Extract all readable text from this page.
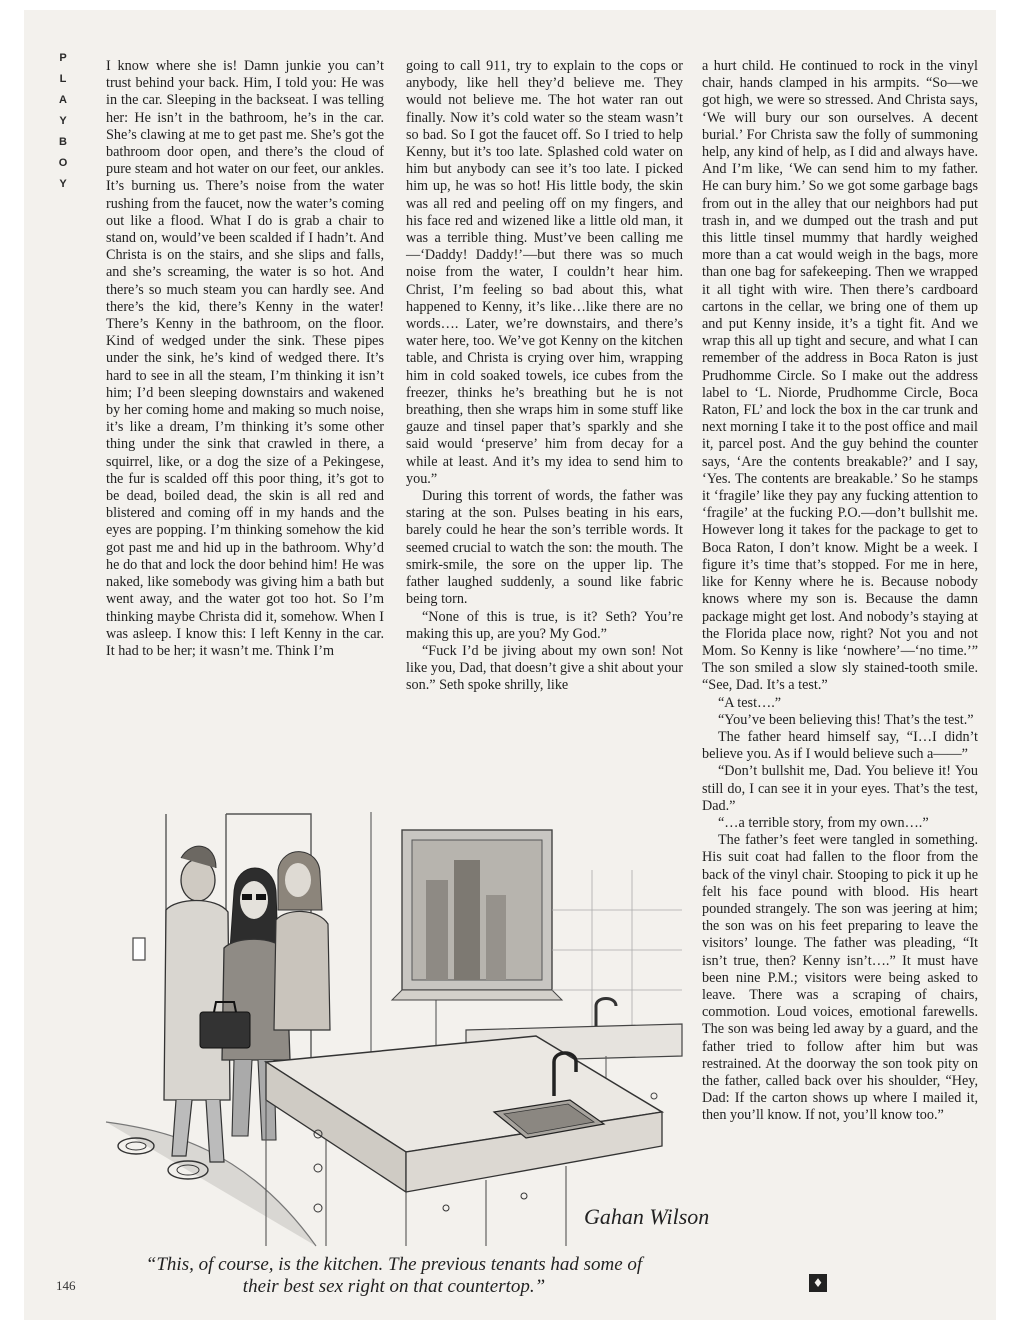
P
L
A
Y
B
O
Y

I know where she is! Damn junkie you can’t trust behind your back. Him, I told you: He was in the car. Sleeping in the backseat. I was telling her: He isn’t in the bathroom, he’s in the car. She’s clawing at me to get past me. She’s got the bathroom door open, and there’s the cloud of pure steam and hot water on our feet, our ankles. It’s burning us. There’s noise from the water rushing from the faucet, now the water’s coming out like a flood. What I do is grab a chair to stand on, would’ve been scalded if I hadn’t. And Christa is on the stairs, and she slips and falls, and she’s screaming, the water is so hot. And there’s so much steam you can hardly see. And there’s the kid, there’s Kenny in the water! There’s Kenny in the bathroom, on the floor. Kind of wedged under the sink. These pipes under the sink, he’s kind of wedged there. It’s hard to see in all the steam, I’m thinking it isn’t him; I’d been sleeping downstairs and wakened by her coming home and making so much noise, it’s like a dream, I’m thinking it’s some other thing under the sink that crawled in there, a squirrel, like, or a dog the size of a Pekingese, the fur is scalded off this poor thing, it’s got to be dead, boiled dead, the skin is all red and blistered and coming off in my hands and the eyes are popping. I’m thinking somehow the kid got past me and hid up in the bathroom. Why’d he do that and lock the door behind him! He was naked, like somebody was giving him a bath but went away, and the water got too hot. So I’m thinking maybe Christa did it, somehow. When I was asleep. I know this: I left Kenny in the car. It had to be her; it wasn’t me. Think I’m

going to call 911, try to explain to the cops or anybody, like hell they’d believe me. They would not believe me. The hot water ran out finally. Now it’s cold water so the steam wasn’t so bad. So I got the faucet off. So I tried to help Kenny, but it’s too late. Splashed cold water on him but anybody can see it’s too late. I picked him up, he was so hot! His little body, the skin was all red and peeling off on my fingers, and his face red and wizened like a little old man, it was a terrible thing. Must’ve been calling me—‘Daddy! Daddy!’—but there was so much noise from the water, I couldn’t hear him. Christ, I’m feeling so bad about this, what happened to Kenny, it’s like…like there are no words…. Later, we’re downstairs, and there’s water here, too. We’ve got Kenny on the kitchen table, and Christa is crying over him, wrapping him in cold soaked towels, ice cubes from the freezer, thinks he’s breathing but he is not breathing, then she wraps him in some stuff like gauze and tinsel paper that’s sparkly and she said would ‘preserve’ him from decay for a while at least. And it’s my idea to send him to you.”

During this torrent of words, the father was staring at the son. Pulses beating in his ears, barely could he hear the son’s terrible words. It seemed crucial to watch the son: the mouth. The smirk-smile, the sore on the upper lip. The father laughed suddenly, a sound like fabric being torn.

“None of this is true, is it? Seth? You’re making this up, are you? My God.”

“Fuck I’d be jiving about my own son! Not like you, Dad, that doesn’t give a shit about your son.” Seth spoke shrilly, like

a hurt child. He continued to rock in the vinyl chair, hands clamped in his armpits. “So—we got high, we were so stressed. And Christa says, ‘We will bury our son ourselves. A decent burial.’ For Christa saw the folly of summoning help, any kind of help, as I did and always have. And I’m like, ‘We can send him to my father. He can bury him.’ So we got some garbage bags from out in the alley that our neighbors had put trash in, and we dumped out the trash and put this little tinsel mummy that hardly weighed more than a cat would weigh in the bags, more than one bag for safekeeping. Then we wrapped it all tight with wire. Then there’s cardboard cartons in the cellar, we bring one of them up and put Kenny inside, it’s a tight fit. And we wrap this all up tight and secure, and what I can remember of the address in Boca Raton is just Prudhomme Circle. So I make out the address label to ‘L. Niorde, Prudhomme Circle, Boca Raton, FL’ and lock the box in the car trunk and next morning I take it to the post office and mail it, parcel post. And the guy behind the counter says, ‘Are the contents breakable?’ and I say, ‘Yes. The contents are breakable.’ So he stamps it ‘fragile’ like they pay any fucking attention to ‘fragile’ at the fucking P.O.—don’t bullshit me. However long it takes for the package to get to Boca Raton, I don’t know. Might be a week. I figure it’s time that’s stopped. For me in here, like for Kenny where he is. Because nobody knows where my son is. Because the damn package might get lost. And nobody’s staying at the Florida place now, right? Not you and not Mom. So Kenny is like ‘nowhere’—‘no time.’” The son smiled a slow sly stained-tooth smile. “See, Dad. It’s a test.”

“A test….”

“You’ve been believing this! That’s the test.”

The father heard himself say, “I…I didn’t believe you. As if I would believe such a——”

“Don’t bullshit me, Dad. You believe it! You still do, I can see it in your eyes. That’s the test, Dad.”

“…a terrible story, from my own….”

The father’s feet were tangled in something. His suit coat had fallen to the floor from the back of the vinyl chair. Stooping to pick it up he felt his face pound with blood. His heart pounded strangely. The son was jeering at him; the son was on his feet preparing to leave the visitors’ lounge. The father was pleading, “It isn’t true, then? Kenny isn’t….” It must have been nine P.M.; visitors were being asked to leave. There was a scraping of chairs, commotion. Loud voices, emotional farewells. The son was being led away by a guard, and the father tried to follow after him but was restrained. At the doorway the son took pity on the father, called back over his shoulder, “Hey, Dad: If the carton shows up where I mailed it, then you’ll know. If not, you’ll know too.”

Gahan Wilson
“This, of course, is the kitchen. The previous tenants had some of
their best sex right on that countertop.”
146	♦
